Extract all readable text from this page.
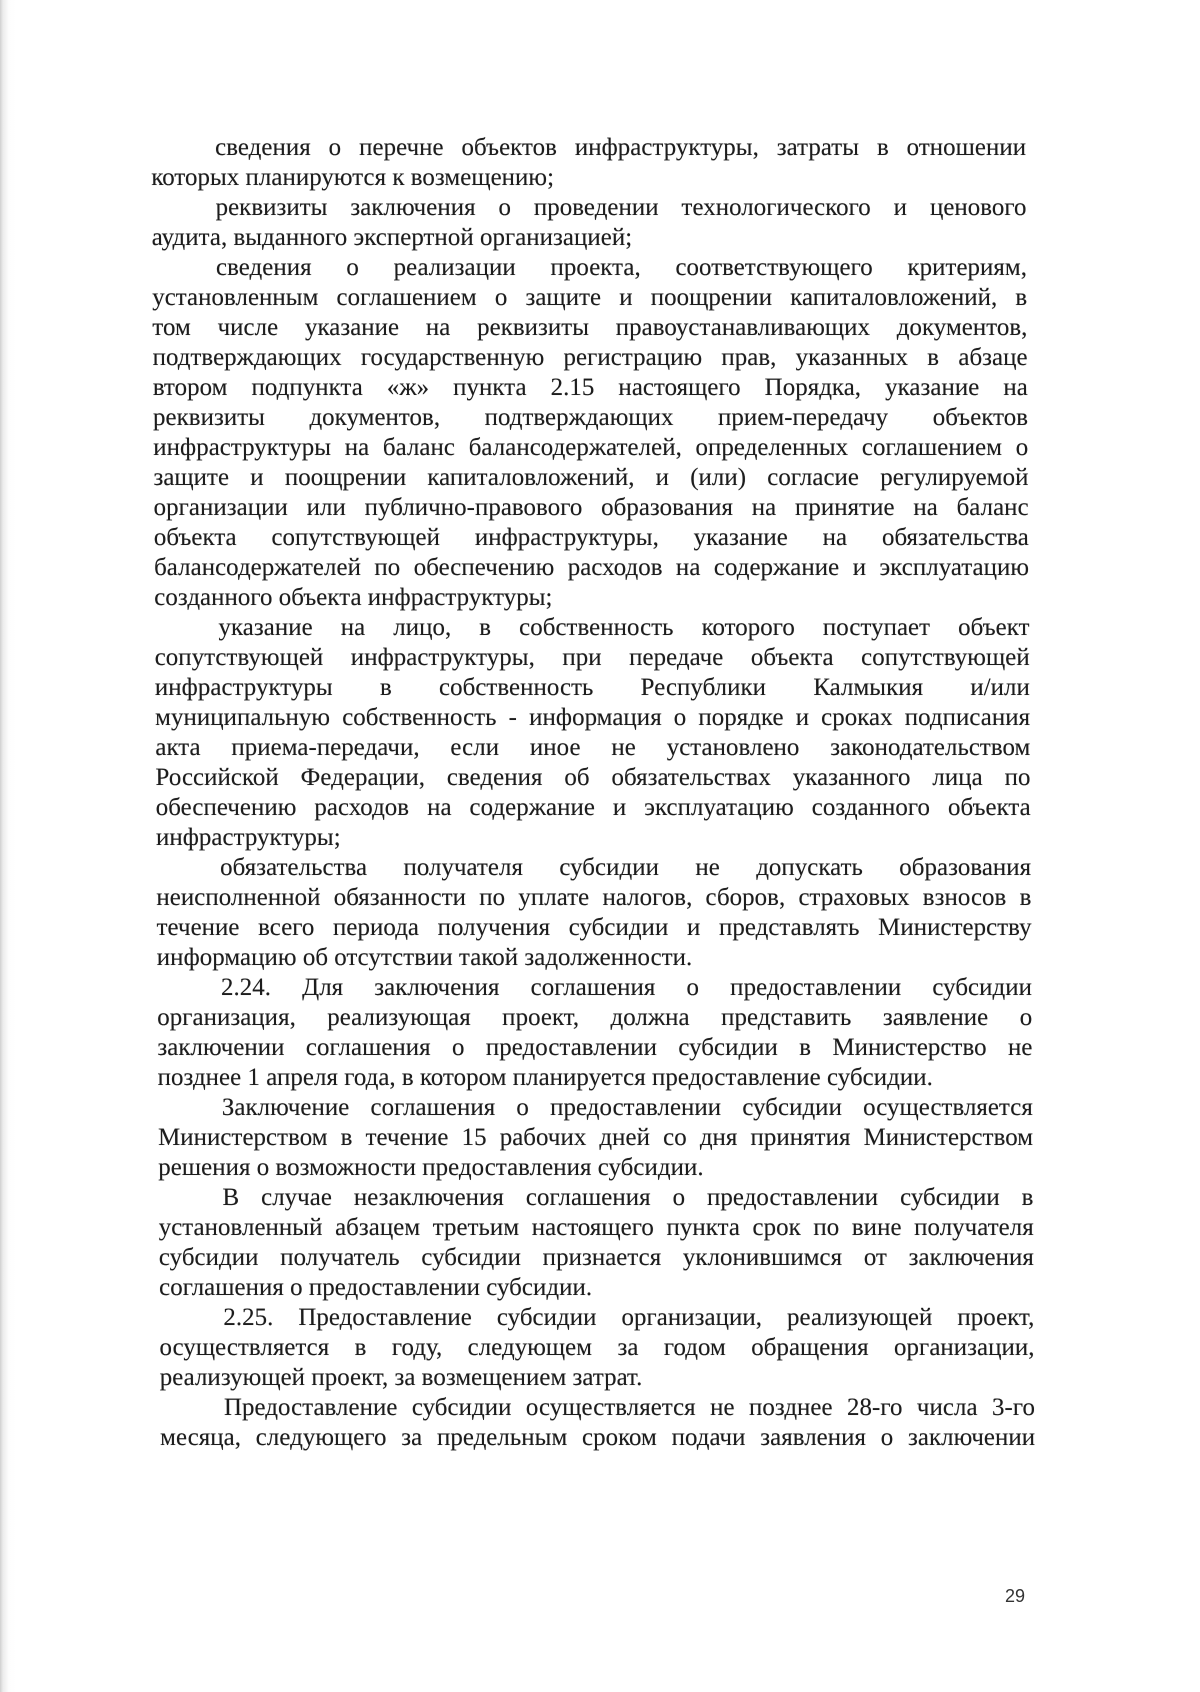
сведения о перечне объектов инфраструктуры, затраты в отношении
которых планируются к возмещению;
реквизиты заключения о проведении технологического и ценового
аудита, выданного экспертной организацией;
сведения о реализации проекта, соответствующего критериям,
установленным соглашением о защите и поощрении капиталовложений, в
том числе указание на реквизиты правоустанавливающих документов,
подтверждающих государственную регистрацию прав, указанных в абзаце
втором подпункта «ж» пункта 2.15 настоящего Порядка, указание на
реквизиты документов, подтверждающих прием-передачу объектов
инфраструктуры на баланс балансодержателей, определенных соглашением о
защите и поощрении капиталовложений, и (или) согласие регулируемой
организации или публично-правового образования на принятие на баланс
объекта сопутствующей инфраструктуры, указание на обязательства
балансодержателей по обеспечению расходов на содержание и эксплуатацию
созданного объекта инфраструктуры;
указание на лицо, в собственность которого поступает объект
сопутствующей инфраструктуры, при передаче объекта сопутствующей
инфраструктуры в собственность Республики Калмыкия и/или
муниципальную собственность - информация о порядке и сроках подписания
акта приема-передачи, если иное не установлено законодательством
Российской Федерации, сведения об обязательствах указанного лица по
обеспечению расходов на содержание и эксплуатацию созданного объекта
инфраструктуры;
обязательства получателя субсидии не допускать образования
неисполненной обязанности по уплате налогов, сборов, страховых взносов в
течение всего периода получения субсидии и представлять Министерству
информацию об отсутствии такой задолженности.
2.24. Для заключения соглашения о предоставлении субсидии
организация, реализующая проект, должна представить заявление о
заключении соглашения о предоставлении субсидии в Министерство не
позднее 1 апреля года, в котором планируется предоставление субсидии.
Заключение соглашения о предоставлении субсидии осуществляется
Министерством в течение 15 рабочих дней со дня принятия Министерством
решения о возможности предоставления субсидии.
В случае незаключения соглашения о предоставлении субсидии в
установленный абзацем третьим настоящего пункта срок по вине получателя
субсидии получатель субсидии признается уклонившимся от заключения
соглашения о предоставлении субсидии.
2.25. Предоставление субсидии организации, реализующей проект,
осуществляется в году, следующем за годом обращения организации,
реализующей проект, за возмещением затрат.
Предоставление субсидии осуществляется не позднее 28-го числа 3-го
месяца, следующего за предельным сроком подачи заявления о заключении
29
